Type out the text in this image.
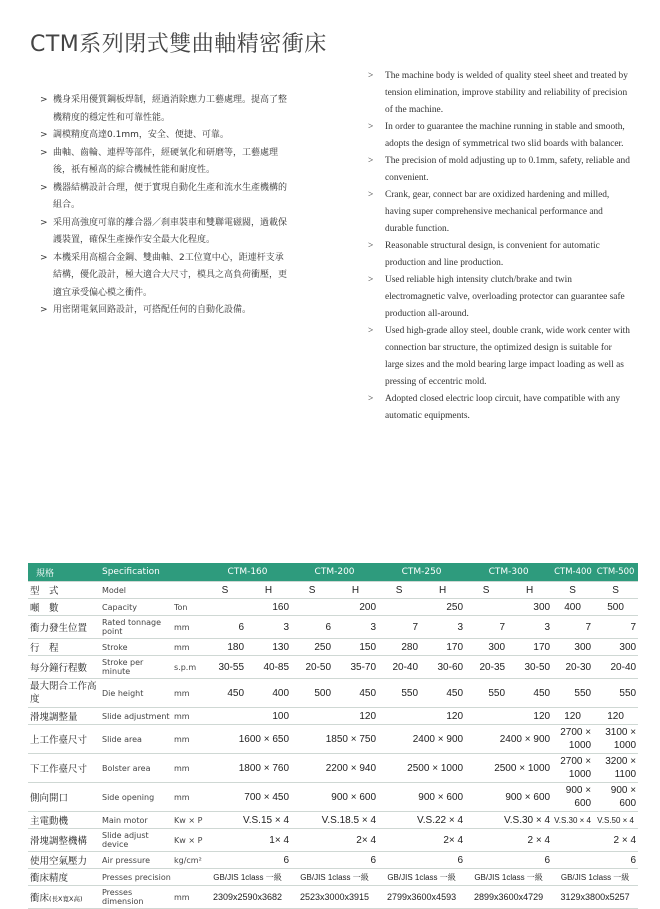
CTM系列閉式雙曲軸精密衝床
> 機身采用優質鋼板焊制，經過消除應力工藝處理。提高了整機精度的穩定性和可靠性能。
> 調模精度高達0.1mm，安全、便捷、可靠。
> 曲軸、齒輪、連桿等部件，經硬氧化和研磨等，工藝處理後，祇有極高的綜合機械性能和耐度性。
> 機器結構設計合理，便于實現自動化生產和流水生產機構的組合。
> 采用高強度可靠的離合器／刹車裝車和雙聯電磁閥，過載保護裝置，確保生產操作安全最大化程度。
> 本機采用高檔合金鋼、雙曲軸、2工位寬中心，距連杆支承結構，優化設計，極大適合大尺寸，模具之高負荷衝壓，更適宜承受偏心模之衝件。
> 用密閉電氣回路設計，可搭配任何的自動化設備。
> The machine body is welded of quality steel sheet and treated by tension elimination, improve stability and reliability of precision of the machine.
> In order to guarantee the machine running in stable and smooth, adopts the design of symmetrical two slid boards with balancer.
> The precision of mold adjusting up to 0.1mm, safety, reliable and convenient.
> Crank, gear, connect bar are oxidized hardening and milled, having super comprehensive mechanical performance and durable function.
> Reasonable structural design, is convenient for automatic production and line production.
> Used reliable high intensity clutch/brake and twin electromagnetic valve, overloading protector can guarantee safe production all-around.
> Used high-grade alloy steel, double crank, wide work center with connection bar structure, the optimized design is suitable for large sizes and the mold bearing large impact loading as well as pressing of eccentric mold.
> Adopted closed electric loop circuit, have compatible with any automatic equipments.
規格	Specification		CTM-160		CTM-200		CTM-250		CTM-300		CTM-400	CTM-500
型　式	Model		S	H	S	H	S	H	S	H	S	S
噸　數	Capacity	Ton	160		200		250		300		400	500
衝力發生位置	Rated tonnage point	mm	6	3	6	3	7	3	7	3	7	7
行　程	Stroke	mm	180	130	250	150	280	170	300	170	300	300
每分鐘行程數	Stroke per minute	s.p.m	30-55	40-85	20-50	35-70	20-40	30-60	20-35	30-50	20-30	20-40
最大閉合工作高度	Die height	mm	450	400	500	450	550	450	550	450	550	550
滑塊調整量	Slide adjustment	mm	100		120		120		120		120	120
上工作臺尺寸	Slide area	mm	1600 × 650		1850 × 750		2400 × 900		2400 × 900		2700 × 1000	3100 × 1000
下工作臺尺寸	Bolster area	mm	1800 × 760		2200 × 940		2500 × 1000		2500 × 1000		2700 × 1000	3200 × 1100
側向開口	Side opening	mm	700 × 450		900 × 600		900 × 600		900 × 600		900 × 600	900 × 600
主電動機	Main motor	Kw × P	V.S.15 × 4		V.S.18.5 × 4		V.S.22 × 4		V.S.30 × 4		V.S.30 × 4	V.S.50 × 4
滑塊調整機構	Slide adjust device	Kw × P	1× 4		2× 4		2× 4		2 × 4		2 × 4	
使用空氣壓力	Air pressure	kg/cm²	6		6		6		6		6	
衝床精度	Presses precision		GB/JIS 1class 一級		GB/JIS 1class 一級		GB/JIS 1class 一級		GB/JIS 1class 一級		GB/JIS 1class 一級	
衝床(長X寬X高)	Presses dimension	mm	2309x2590x3682		2523x3000x3915		2799x3600x4593		2899x3600x4729		3129x3800x5257	
